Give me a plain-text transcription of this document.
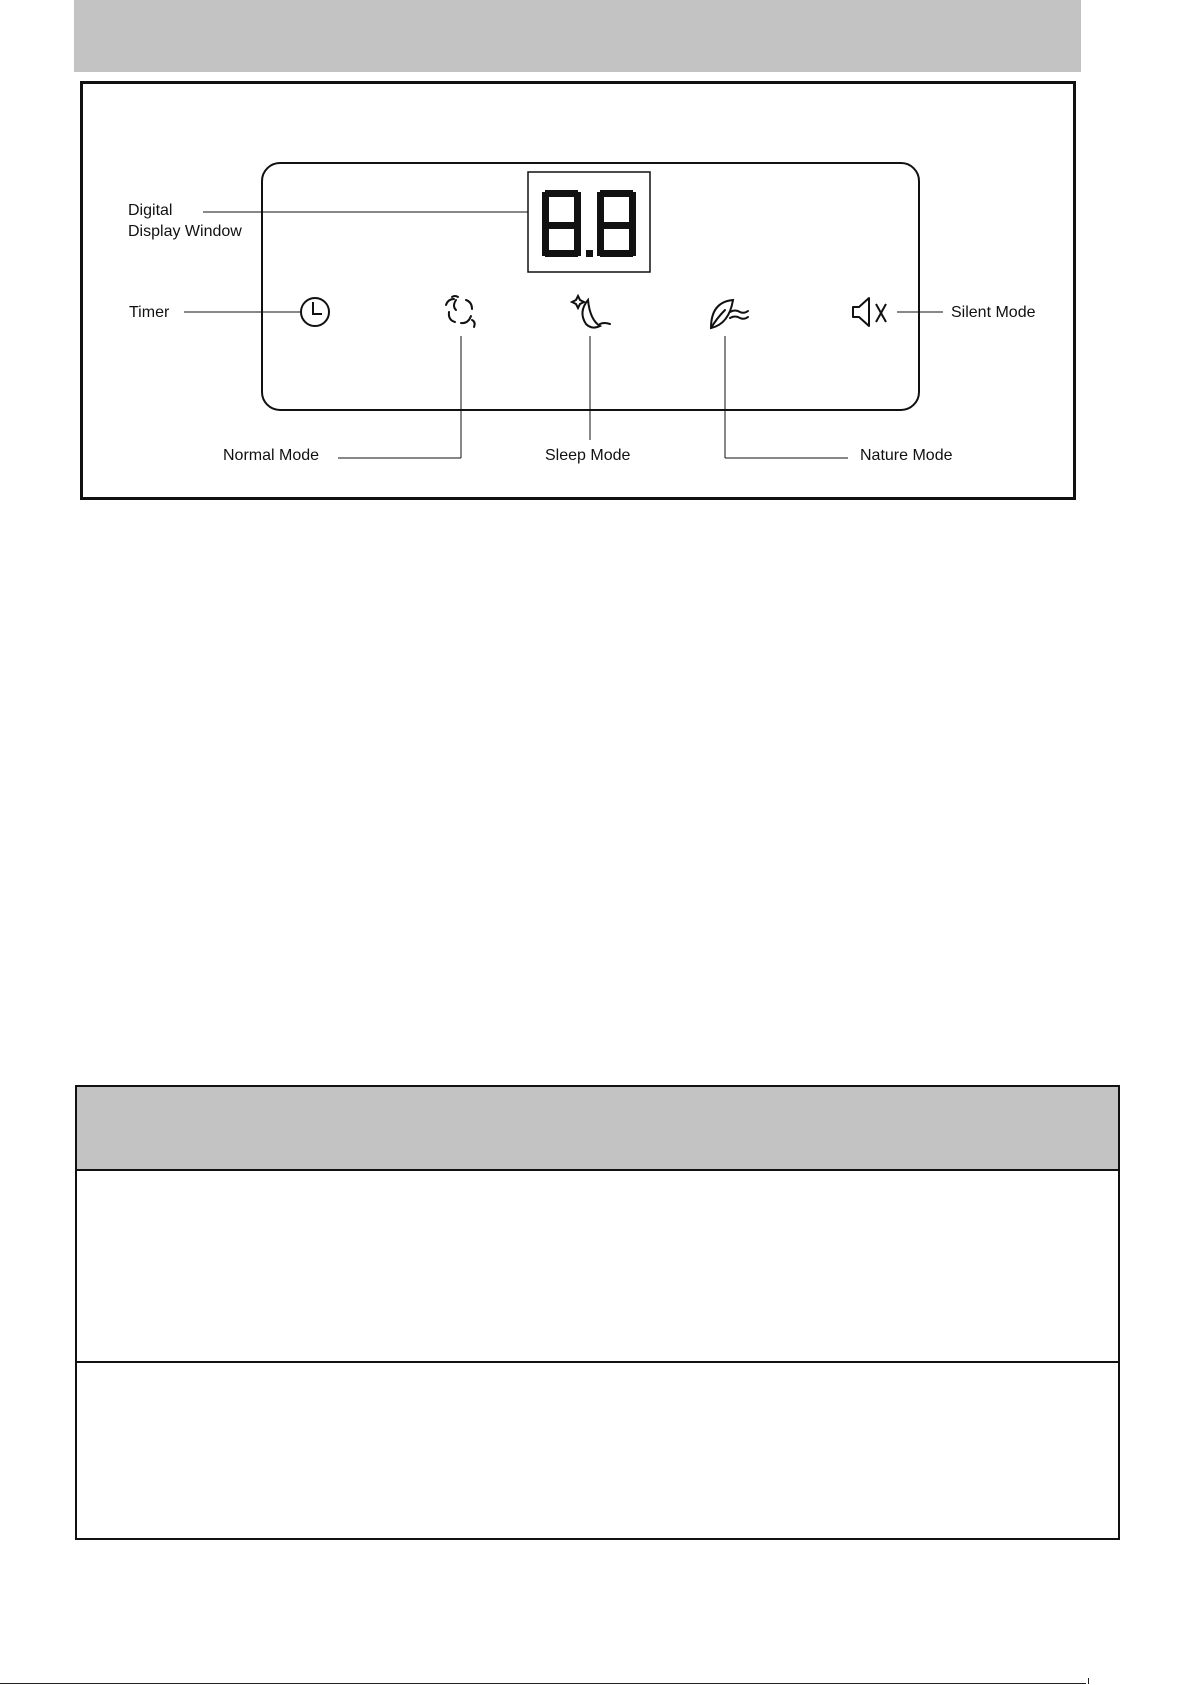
Digital
Display Window
Timer	Silent Mode
Normal Mode	Sleep Mode	Nature Mode
